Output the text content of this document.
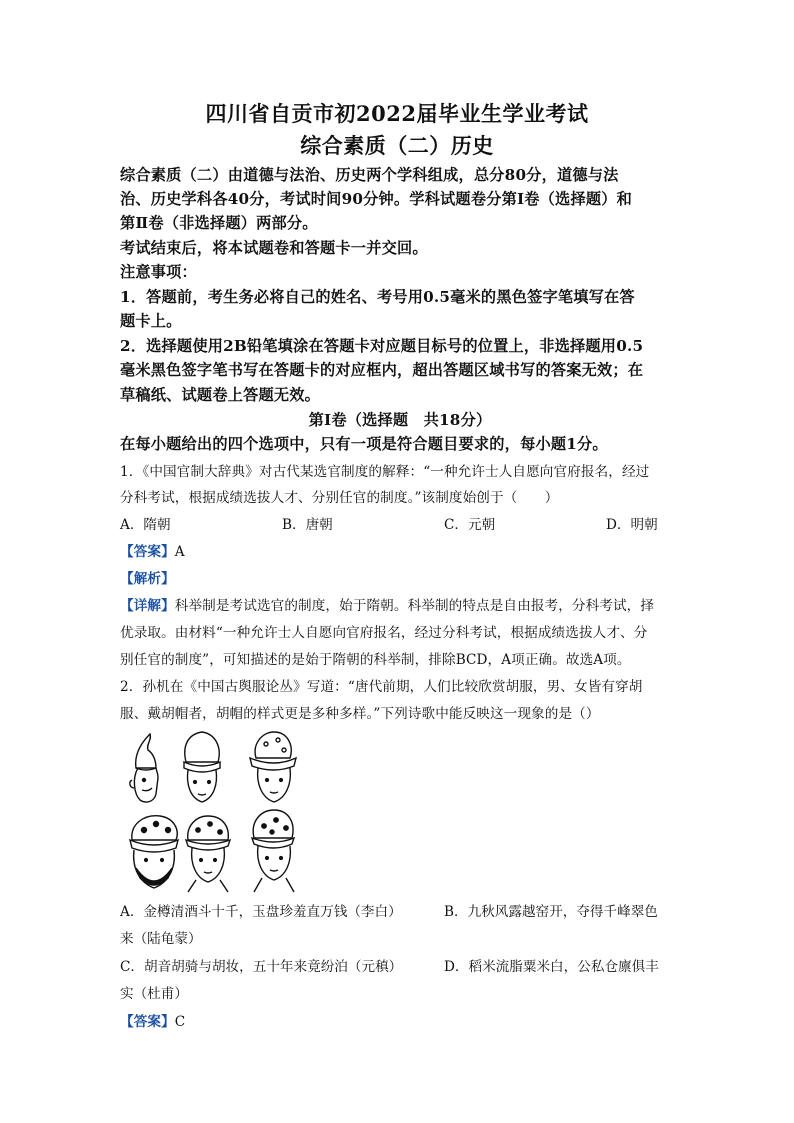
四川省自贡市初2022届毕业生学业考试
综合素质（二）历史
综合素质（二）由道德与法治、历史两个学科组成，总分80分，道德与法
治、历史学科各40分，考试时间90分钟。学科试题卷分第Ⅰ卷（选择题）和
第Ⅱ卷（非选择题）两部分。
考试结束后，将本试题卷和答题卡一并交回。
注意事项：
1．答题前，考生务必将自己的姓名、考号用0.5毫米的黑色签字笔填写在答
题卡上。
2．选择题使用2B铅笔填涂在答题卡对应题目标号的位置上，非选择题用0.5
毫米黑色签字笔书写在答题卡的对应框内，超出答题区域书写的答案无效；在
草稿纸、试题卷上答题无效。
第Ⅰ卷（选择题　共18分）
在每小题给出的四个选项中，只有一项是符合题目要求的，每小题1分。
1．《中国官制大辞典》对古代某选官制度的解释：“一种允许士人自愿向官府报名，经过
分科考试，根据成绩选拔人才、分别任官的制度。”该制度始创于（　　）
A．隋朝	B．唐朝	C．元朝	D．明朝
【答案】A
【解析】
【详解】科举制是考试选官的制度，始于隋朝。科举制的特点是自由报考，分科考试，择
优录取。由材料“一种允许士人自愿向官府报名，经过分科考试，根据成绩选拔人才、分
别任官的制度”，可知描述的是始于隋朝的科举制，排除BCD，A项正确。故选A项。
2．孙机在《中国古舆服论丛》写道：“唐代前期，人们比较欣赏胡服，男、女皆有穿胡
服、戴胡帽者，胡帽的样式更是多种多样。”下列诗歌中能反映这一现象的是（）
A．金樽清酒斗十千，玉盘珍羞直万钱（李白）	B．九秋风露越窑开，夺得千峰翠色
来（陆龟蒙）
C．胡音胡骑与胡妆，五十年来竟纷泊（元稹）	D．稻米流脂粟米白，公私仓廪俱丰
实（杜甫）
【答案】C
